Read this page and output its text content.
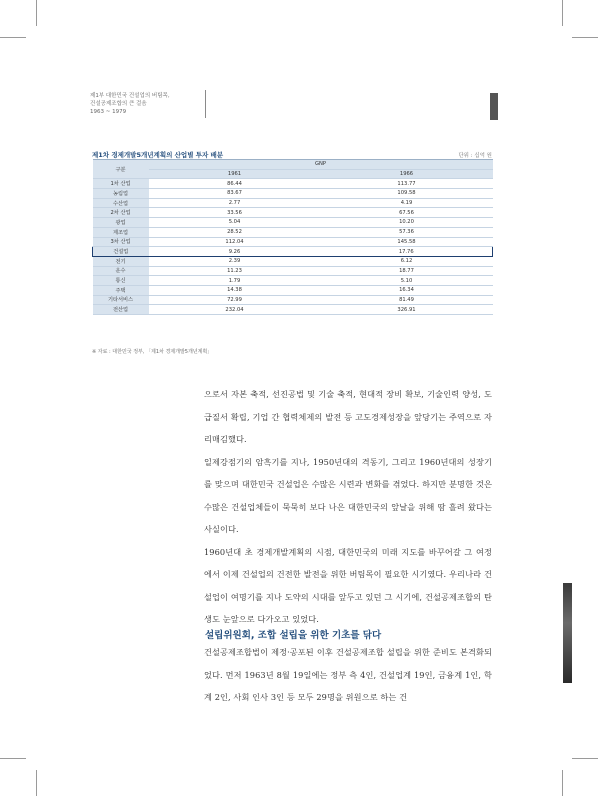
제1부 대한민국 건설업의 버팀목,
건설공제조합의 큰 걸음
1963 ~ 1979
제1차 경제개발5개년계획의 산업별 투자 배분	단위 : 십억 원
구분	GNP	
	1961	1966
1차 산업	86.44	113.77
농림업	83.67	109.58
수산업	2.77	4.19
2차 산업	33.56	67.56
광업	5.04	10.20
제조업	28.52	57.36
3차 산업	112.04	145.58
건설업	9.26	17.76
전기	2.39	6.12
운수	11.23	18.77
통신	1.79	5.10
주택	14.38	16.34
기타서비스	72.99	81.49
전산업	232.04	326.91
※ 자료 : 대한민국 정부, 「제1차 경제개발5개년계획」

으로서 자본 축적, 선진공법 및 기술 축적, 현대적 장비 확보, 기술인력 양성, 도급질서 확립, 기업 간 협력체제의 발전 등 고도경제성장을 앞당기는 주역으로 자리매김했다.

일제강점기의 암흑기를 지나, 1950년대의 격동기, 그리고 1960년대의 성장기를 맞으며 대한민국 건설업은 수많은 시련과 변화를 겪었다. 하지만 분명한 것은 수많은 건설업체들이 묵묵히 보다 나은 대한민국의 앞날을 위해 땀 흘려 왔다는 사실이다.

1960년대 초 경제개발계획의 시점, 대한민국의 미래 지도를 바꾸어갈 그 여정에서 이제 건설업의 건전한 발전을 위한 버팀목이 필요한 시기였다. 우리나라 건설업이 여명기를 지나 도약의 시대를 앞두고 있던 그 시기에, 건설공제조합의 탄생도 눈앞으로 다가오고 있었다.

설립위원회, 조합 설립을 위한 기초를 닦다

건설공제조합법이 제정·공포된 이후 건설공제조합 설립을 위한 준비도 본격화되었다. 먼저 1963년 8월 19일에는 정부 측 4인, 건설업계 19인, 금융계 1인, 학계 2인, 사회 인사 3인 등 모두 29명을 위원으로 하는 건
